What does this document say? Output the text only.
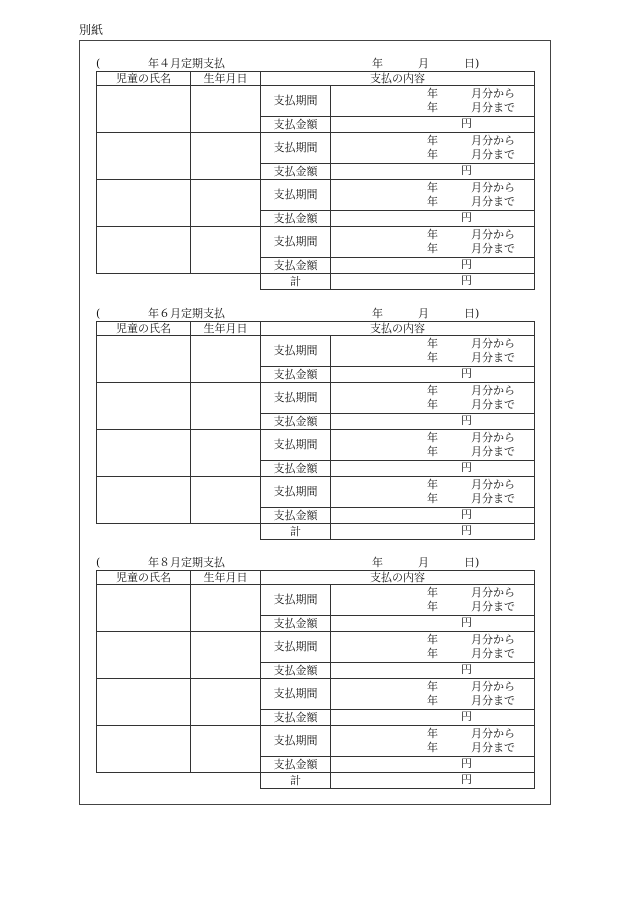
別紙
(	年４月定期支払	年	月	日)
児童の氏名	生年月日	支払の内容	
		支払期間	年 月分から
年 月分まで

		支払金額	円

		支払期間	年 月分から
年 月分まで

		支払金額	円

		支払期間	年 月分から
年 月分まで

		支払金額	円

		支払期間	年 月分から
年 月分まで

		支払金額	円

		計	円
(	年６月定期支払	年	月	日)
児童の氏名	生年月日	支払の内容	
		支払期間	年 月分から
年 月分まで

		支払金額	円

		支払期間	年 月分から
年 月分まで

		支払金額	円

		支払期間	年 月分から
年 月分まで

		支払金額	円

		支払期間	年 月分から
年 月分まで

		支払金額	円

		計	円
(	年８月定期支払	年	月	日)
児童の氏名	生年月日	支払の内容	
		支払期間	年 月分から
年 月分まで

		支払金額	円

		支払期間	年 月分から
年 月分まで

		支払金額	円

		支払期間	年 月分から
年 月分まで

		支払金額	円

		支払期間	年 月分から
年 月分まで

		支払金額	円

		計	円
